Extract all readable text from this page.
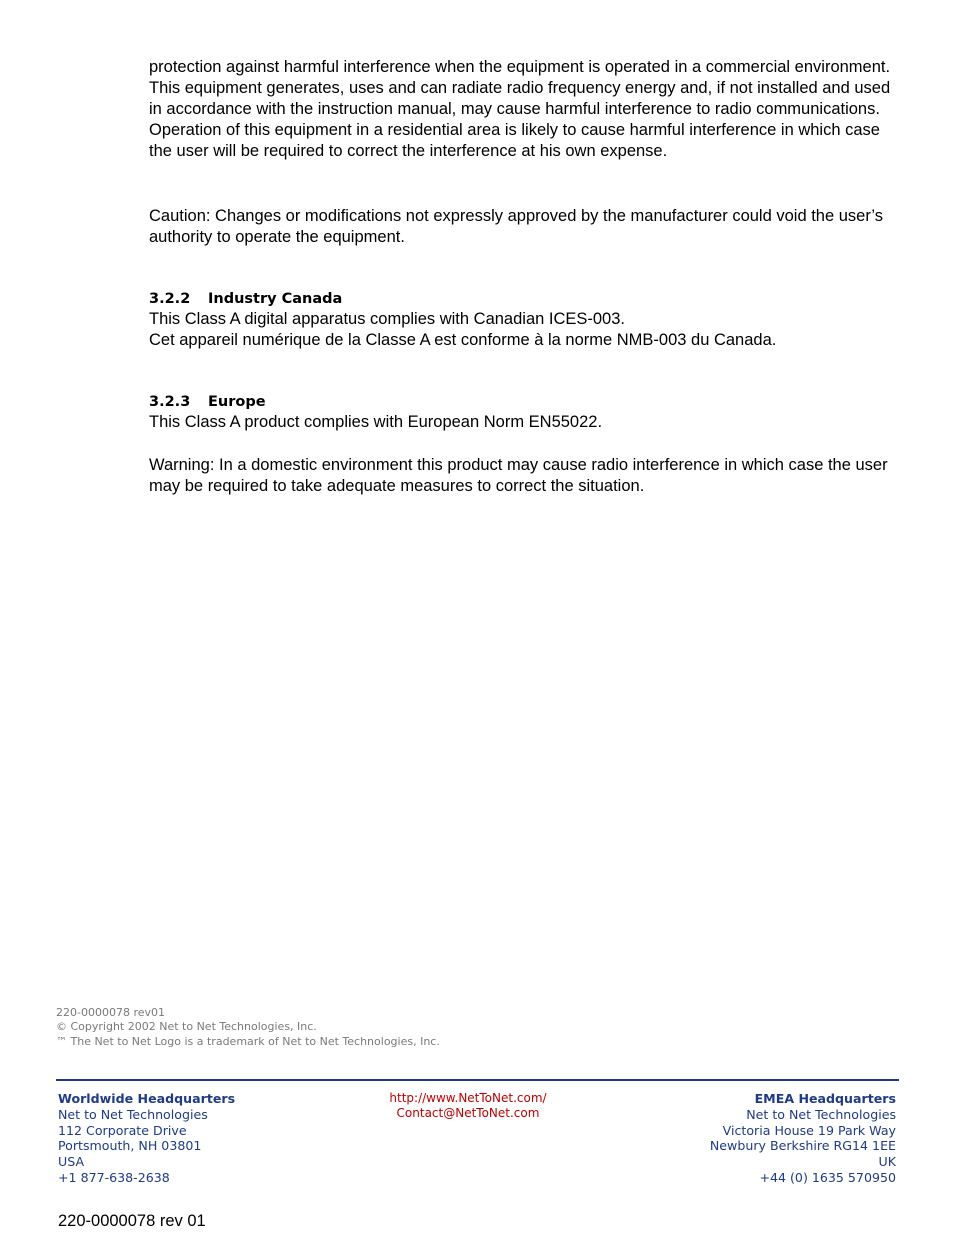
protection against harmful interference when the equipment is operated in a commercial environment. This equipment generates, uses and can radiate radio frequency energy and, if not installed and used in accordance with the instruction manual, may cause harmful interference to radio communications. Operation of this equipment in a residential area is likely to cause harmful interference in which case the user will be required to correct the interference at his own expense.

Caution: Changes or modifications not expressly approved by the manufacturer could void the user’s authority to operate the equipment.

3.2.2 Industry Canada

This Class A digital apparatus complies with Canadian ICES-003.

Cet appareil numérique de la Classe A est conforme à la norme NMB-003 du Canada.

3.2.3 Europe

This Class A product complies with European Norm EN55022.

Warning: In a domestic environment this product may cause radio interference in which case the user may be required to take adequate measures to correct the situation.

220-0000078 rev01
© Copyright 2002 Net to Net Technologies, Inc.
™ The Net to Net Logo is a trademark of Net to Net Technologies, Inc.
Worldwide Headquarters
Net to Net Technologies
112 Corporate Drive
Portsmouth, NH 03801
USA
+1 877-638-2638
http://www.NetToNet.com/
Contact@NetToNet.com
EMEA Headquarters
Net to Net Technologies
Victoria House 19 Park Way
Newbury Berkshire RG14 1EE
UK
+44 (0) 1635 570950
220-0000078 rev 01
